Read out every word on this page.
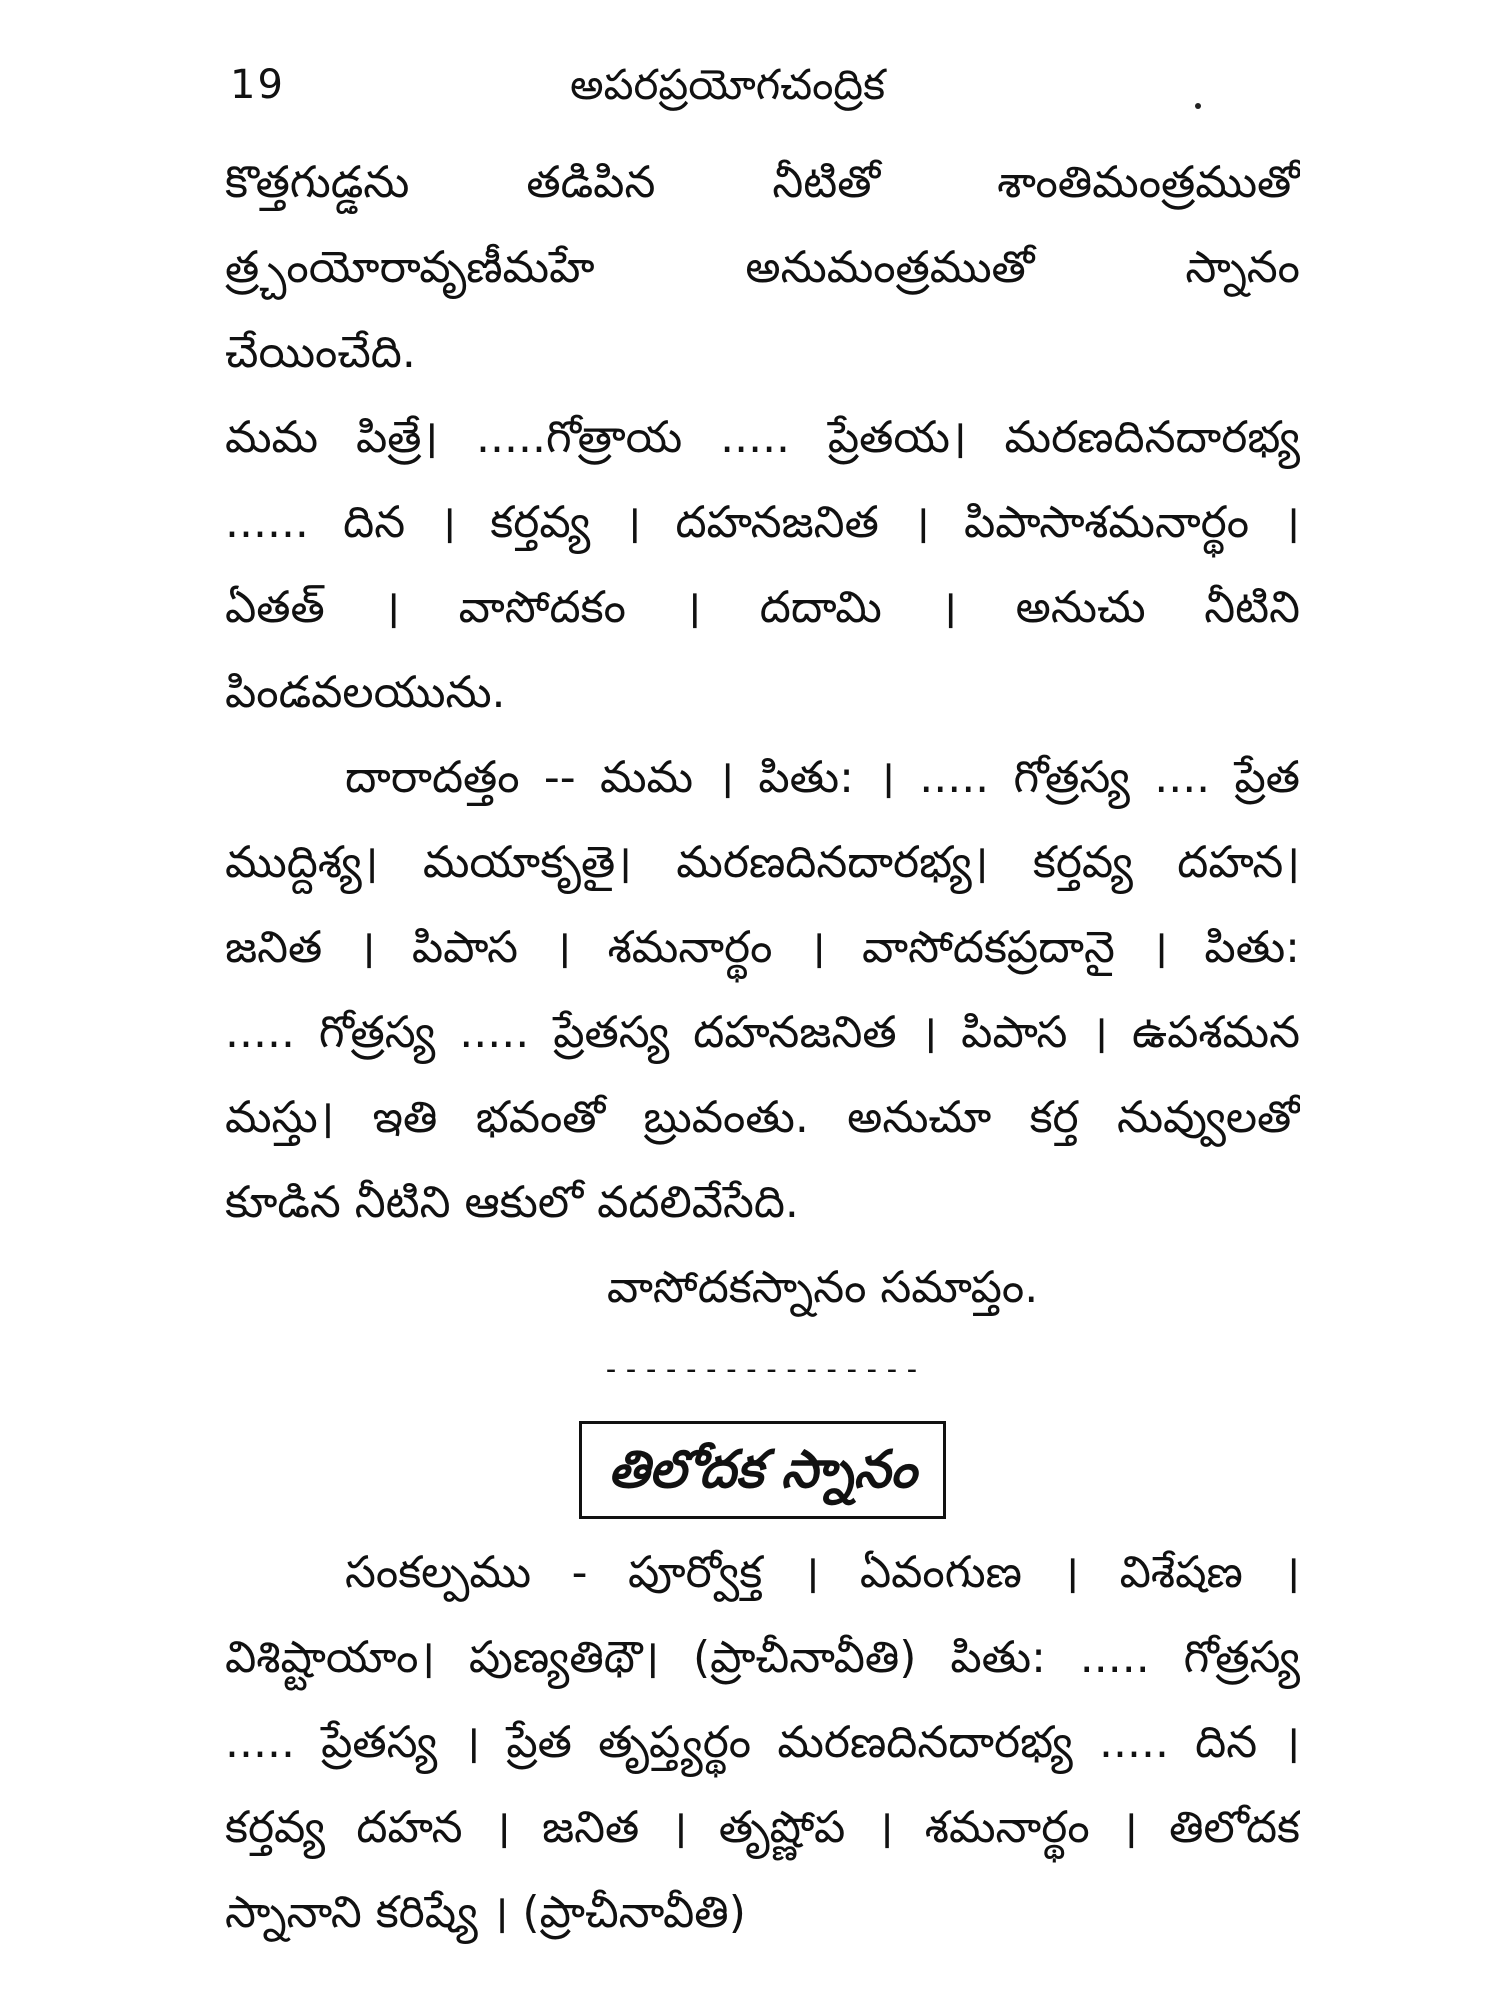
19	అపరప్రయోగచంద్రిక
కొత్తగుడ్డను తడిపిన నీటితో శాంతిమంత్రముతో
త్ర్చంయోరావృణీమహే అనుమంత్రముతో స్నానం
చేయించేది.
మమ పిత్రే। .....గోత్రాయ ..... ప్రేతయ। మరణదినదారభ్య
...... దిన । కర్తవ్య । దహనజనిత । పిపాసాశమనార్థం ।
ఏతత్ । వాసోదకం । దదామి । అనుచు నీటిని
పిండవలయును.
దారాదత్తం -- మమ । పితు: । ..... గోత్రస్య .... ప్రేత
ముద్దిశ్య। మయాకృతై। మరణదినదారభ్య। కర్తవ్య దహన।
జనిత । పిపాస । శమనార్థం । వాసోదకప్రదానై । పితు:
..... గోత్రస్య ..... ప్రేతస్య దహనజనిత । పిపాస । ఉపశమన
మస్తు। ఇతి భవంతో బ్రువంతు. అనుచూ కర్త నువ్వులతో
కూడిన నీటిని ఆకులో వదలివేసేది.
వాసోదకస్నానం సమాప్తం.
----------------
తిలోదక స్నానం
సంకల్పము - పూర్వోక్త । ఏవంగుణ । విశేషణ ।
విశిష్టాయాం। పుణ్యతిథౌ। (ప్రాచీనావీతి) పితు: ..... గోత్రస్య
..... ప్రేతస్య । ప్రేత తృప్త్యర్థం మరణదినదారభ్య ..... దిన ।
కర్తవ్య దహన । జనిత । తృష్ణోప । శమనార్థం । తిలోదక
స్నానాని కరిష్యే । (ప్రాచీనావీతి)
